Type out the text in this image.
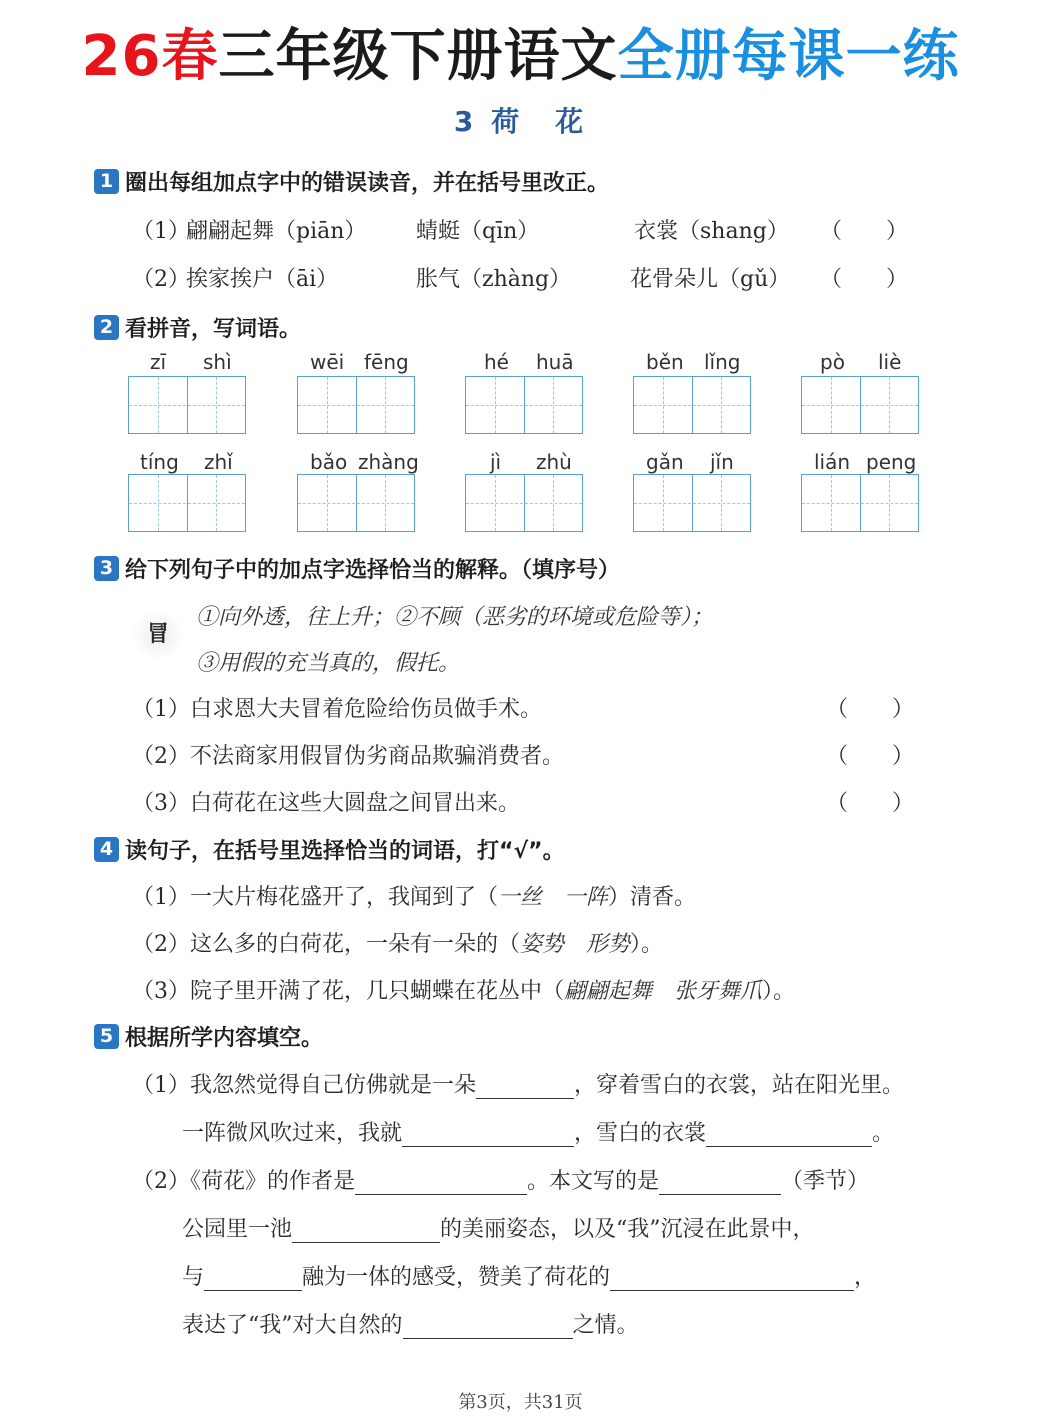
26春三年级下册语文全册每课一练
3 荷　花
1 圈出每组加点字中的错误读音，并在括号里改正。
（1）
翩翩起舞（piān） 蜻蜓（qīn）	衣裳（shang） （　　）
（2）
挨家挨户（āi）	胀气（zhàng）	花骨朵儿（gǔ） （　　）
2 看拼音，写词语。
zī shì	wēi fēng	hé huā	běn lǐng	pò liè
tíng zhǐ	bǎo zhàng	jì zhù	gǎn jǐn	lián peng
3 给下列句子中的加点字选择恰当的解释。（填序号）
冒
①向外透，往上升；②不顾（恶劣的环境或危险等）；
③用假的充当真的，假托。
（1）白求恩大夫冒着危险给伤员做手术。	（　　）
（2）不法商家用假冒伪劣商品欺骗消费者。	（　　）
（3）白荷花在这些大圆盘之间冒出来。	（　　）
4 读句子，在括号里选择恰当的词语，打“√”。
（1）一大片梅花盛开了，我闻到了（一丝　一阵）清香。
（2）这么多的白荷花，一朵有一朵的（姿势　形势）。
（3）院子里开满了花，几只蝴蝶在花丛中（翩翩起舞　张牙舞爪）。
5 根据所学内容填空。
（1）我忽然觉得自己仿佛就是一朵	，穿着雪白的衣裳，站在阳光里。
一阵微风吹过来，我就	，雪白的衣裳	。
（2）《荷花》的作者是	。本文写的是	（季节）
公园里一池	的美丽姿态，以及“我”沉浸在此景中，
与	融为一体的感受，赞美了荷花的	，
表达了“我”对大自然的	之情。
第3页，共31页
